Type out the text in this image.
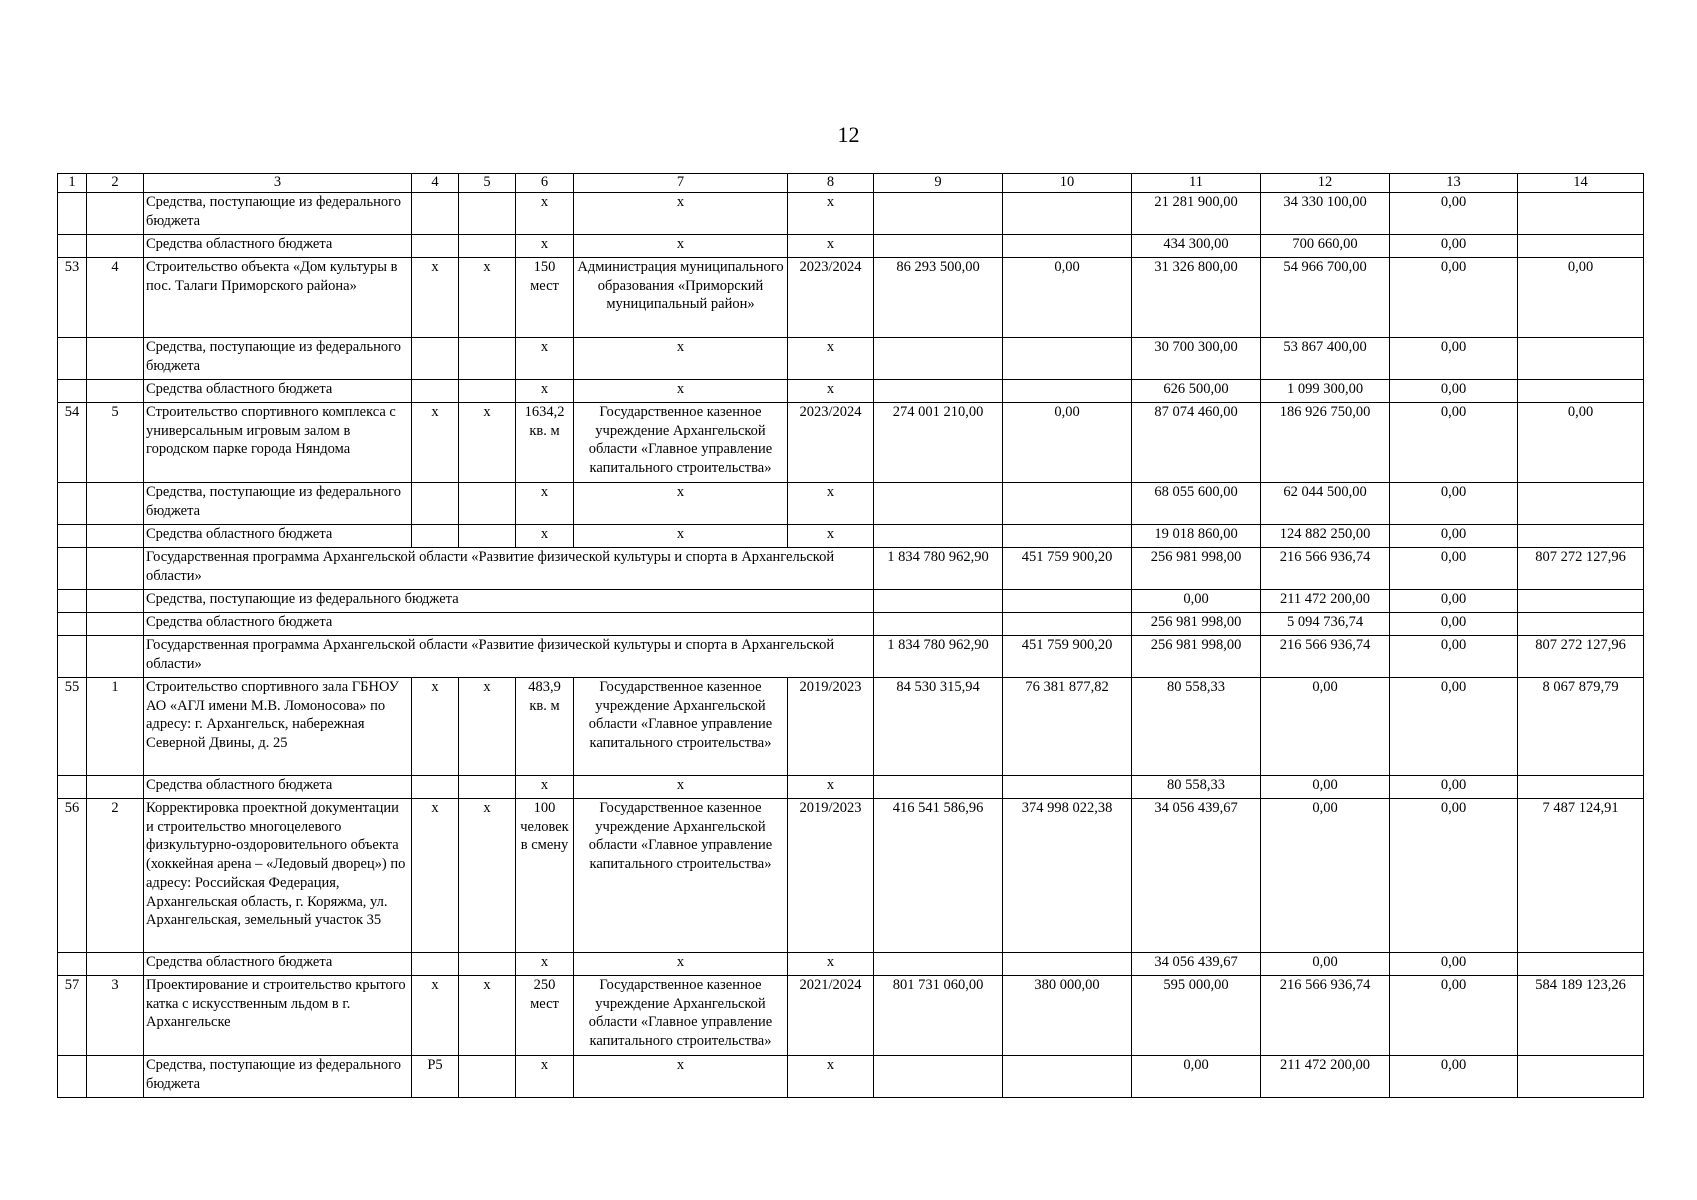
12
1	2	3	4	5	6	7	8	9	10	11	12	13	14
		Средства, поступающие из федерального бюджета			х	х	х			21 281 900,00	34 330 100,00	0,00	
		Средства областного бюджета			х	х	х			434 300,00	700 660,00	0,00	
53	4	Строительство объекта «Дом культуры в пос. Талаги Приморского района»	х	х	150 мест	Администрация муниципального образования «Приморский муниципальный район»	2023/2024	86 293 500,00	0,00	31 326 800,00	54 966 700,00	0,00	0,00
		Средства, поступающие из федерального бюджета			х	х	х			30 700 300,00	53 867 400,00	0,00	
		Средства областного бюджета			х	х	х			626 500,00	1 099 300,00	0,00	
54	5	Строительство спортивного комплекса с универсальным игровым залом в городском парке города Няндома	х	х	1634,2 кв. м	Государственное казенное учреждение Архангельской области «Главное управление капитального строительства»	2023/2024	274 001 210,00	0,00	87 074 460,00	186 926 750,00	0,00	0,00
		Средства, поступающие из федерального бюджета			х	х	х			68 055 600,00	62 044 500,00	0,00	
		Средства областного бюджета			х	х	х			19 018 860,00	124 882 250,00	0,00	
		Государственная программа Архангельской области «Развитие физической культуры и спорта в Архангельской области»						1 834 780 962,90	451 759 900,20	256 981 998,00	216 566 936,74	0,00	807 272 127,96
		Средства, поступающие из федерального бюджета								0,00	211 472 200,00	0,00	
		Средства областного бюджета								256 981 998,00	5 094 736,74	0,00	
		Государственная программа Архангельской области «Развитие физической культуры и спорта в Архангельской области»						1 834 780 962,90	451 759 900,20	256 981 998,00	216 566 936,74	0,00	807 272 127,96
55	1	Строительство спортивного зала ГБНОУ АО «АГЛ имени М.В. Ломоносова» по адресу: г. Архангельск, набережная Северной Двины, д. 25	х	х	483,9 кв. м	Государственное казенное учреждение Архангельской области «Главное управление капитального строительства»	2019/2023	84 530 315,94	76 381 877,82	80 558,33	0,00	0,00	8 067 879,79
		Средства областного бюджета			х	х	х			80 558,33	0,00	0,00	
56	2	Корректировка проектной документации и строительство многоцелевого физкультурно-оздоровительного объекта (хоккейная арена – «Ледовый дворец») по адресу: Российская Федерация, Архангельская область, г. Коряжма, ул. Архангельская, земельный участок 35	х	х	100 человек в смену	Государственное казенное учреждение Архангельской области «Главное управление капитального строительства»	2019/2023	416 541 586,96	374 998 022,38	34 056 439,67	0,00	0,00	7 487 124,91
		Средства областного бюджета			х	х	х			34 056 439,67	0,00	0,00	
57	3	Проектирование и строительство крытого катка с искусственным льдом в г. Архангельске	х	х	250 мест	Государственное казенное учреждение Архангельской области «Главное управление капитального строительства»	2021/2024	801 731 060,00	380 000,00	595 000,00	216 566 936,74	0,00	584 189 123,26
		Средства, поступающие из федерального бюджета	Р5		х	х	х			0,00	211 472 200,00	0,00	
